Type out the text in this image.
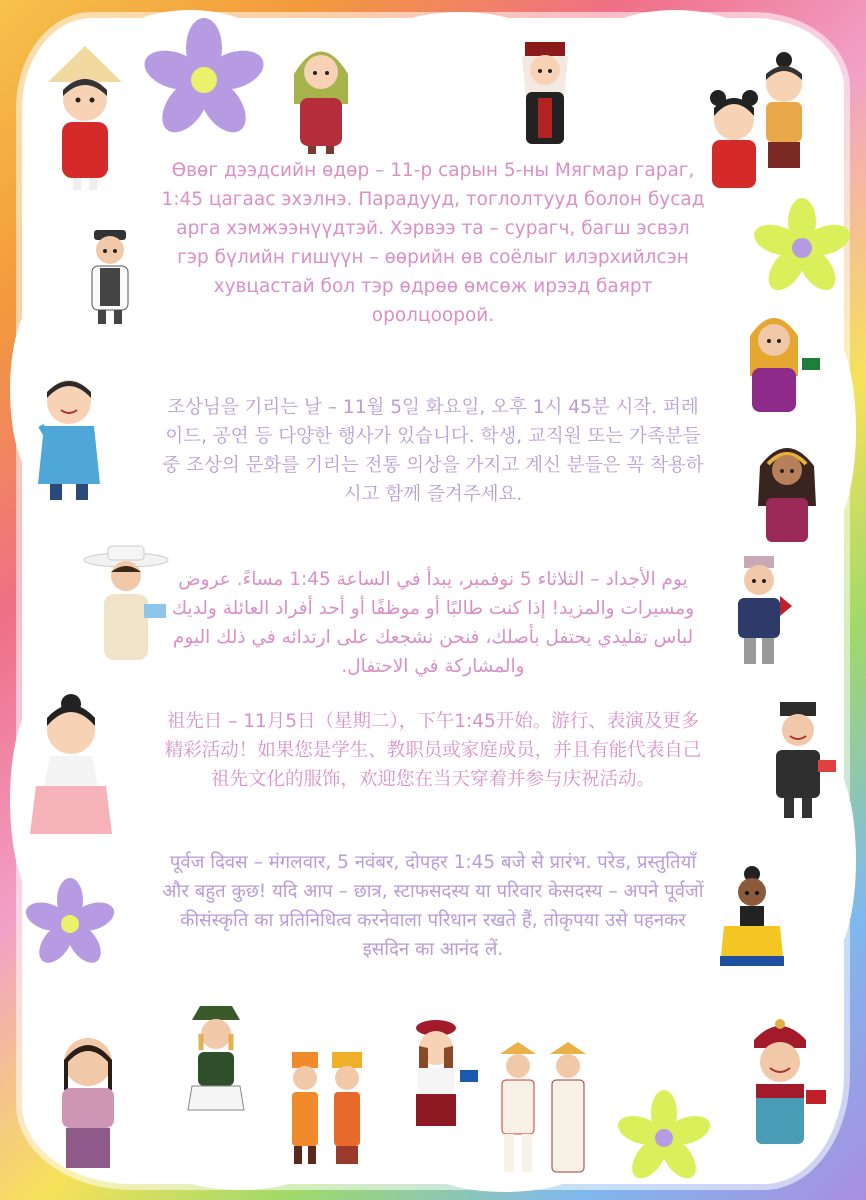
Өвөг дээдсийн өдөр – 11-р сарын 5-ны Мягмар гараг, 1:45 цагаас эхэлнэ. Парадууд, тоглолтууд болон бусад арга хэмжээнүүдтэй. Хэрвээ та – сурагч, багш эсвэл гэр бүлийн гишүүн – өөрийн өв соёлыг илэрхийлсэн хувцастай бол тэр өдрөө өмсөж ирээд баярт оролцоорой.
조상님을 기리는 날 – 11월 5일 화요일, 오후 1시 45분 시작. 퍼레이드, 공연 등 다양한 행사가 있습니다. 학생, 교직원 또는 가족분들 중 조상의 문화를 기리는 전통 의상을 가지고 계신 분들은 꼭 착용하시고 함께 즐겨주세요.
يوم الأجداد – الثلاثاء 5 نوفمبر، يبدأ في الساعة 1:45 مساءً. عروض ومسيرات والمزيد! إذا كنت طالبًا أو موظفًا أو أحد أفراد العائلة ولديك لباس تقليدي يحتفل بأصلك، فنحن نشجعك على ارتدائه في ذلك اليوم والمشاركة في الاحتفال.
祖先日 – 11月5日（星期二），下午1:45开始。游行、表演及更多精彩活动！如果您是学生、教职员或家庭成员，并且有能代表自己祖先文化的服饰，欢迎您在当天穿着并参与庆祝活动。
पूर्वज दिवस – मंगलवार, 5 नवंबर, दोपहर 1:45 बजे से प्रारंभ. परेड, प्रस्तुतियाँ और बहुत कुछ! यदि आप – छात्र, स्टाफसदस्य या परिवार केसदस्य – अपने पूर्वजों कीसंस्कृति का प्रतिनिधित्व करनेवाला परिधान रखते हैं, तोकृपया उसे पहनकर इसदिन का आनंद लें.
